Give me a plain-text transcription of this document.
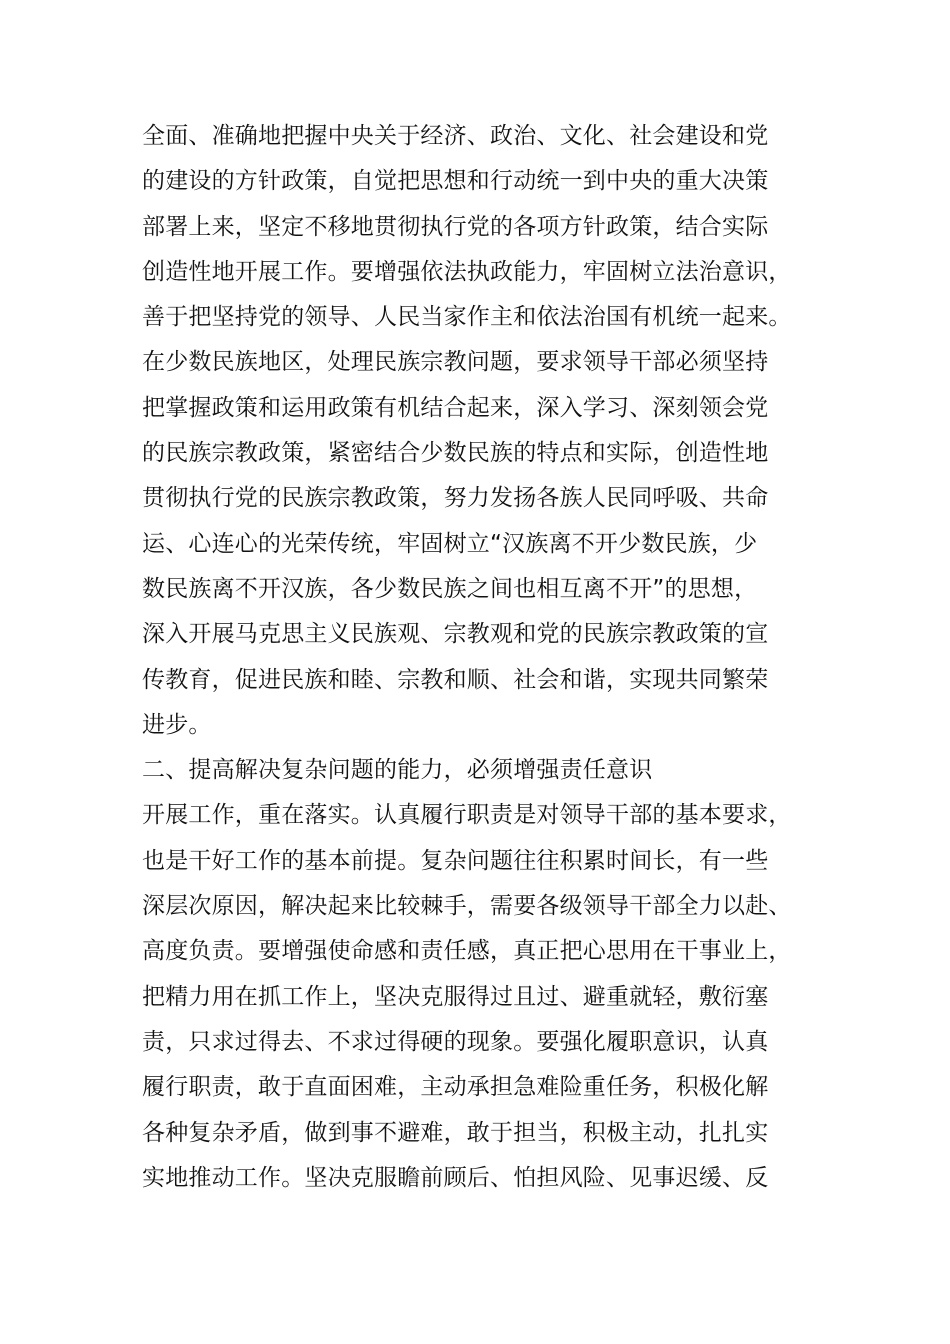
全面、准确地把握中央关于经济、政治、文化、社会建设和党
的建设的方针政策，自觉把思想和行动统一到中央的重大决策
部署上来，坚定不移地贯彻执行党的各项方针政策，结合实际
创造性地开展工作。要增强依法执政能力，牢固树立法治意识，
善于把坚持党的领导、人民当家作主和依法治国有机统一起来。
在少数民族地区，处理民族宗教问题，要求领导干部必须坚持
把掌握政策和运用政策有机结合起来，深入学习、深刻领会党
的民族宗教政策，紧密结合少数民族的特点和实际，创造性地
贯彻执行党的民族宗教政策，努力发扬各族人民同呼吸、共命
运、心连心的光荣传统，牢固树立“汉族离不开少数民族，少
数民族离不开汉族，各少数民族之间也相互离不开”的思想，
深入开展马克思主义民族观、宗教观和党的民族宗教政策的宣
传教育，促进民族和睦、宗教和顺、社会和谐，实现共同繁荣
进步。
二、提高解决复杂问题的能力，必须增强责任意识
开展工作，重在落实。认真履行职责是对领导干部的基本要求，
也是干好工作的基本前提。复杂问题往往积累时间长，有一些
深层次原因，解决起来比较棘手，需要各级领导干部全力以赴、
高度负责。要增强使命感和责任感，真正把心思用在干事业上，
把精力用在抓工作上，坚决克服得过且过、避重就轻，敷衍塞
责，只求过得去、不求过得硬的现象。要强化履职意识，认真
履行职责，敢于直面困难，主动承担急难险重任务，积极化解
各种复杂矛盾，做到事不避难，敢于担当，积极主动，扎扎实
实地推动工作。坚决克服瞻前顾后、怕担风险、见事迟缓、反
